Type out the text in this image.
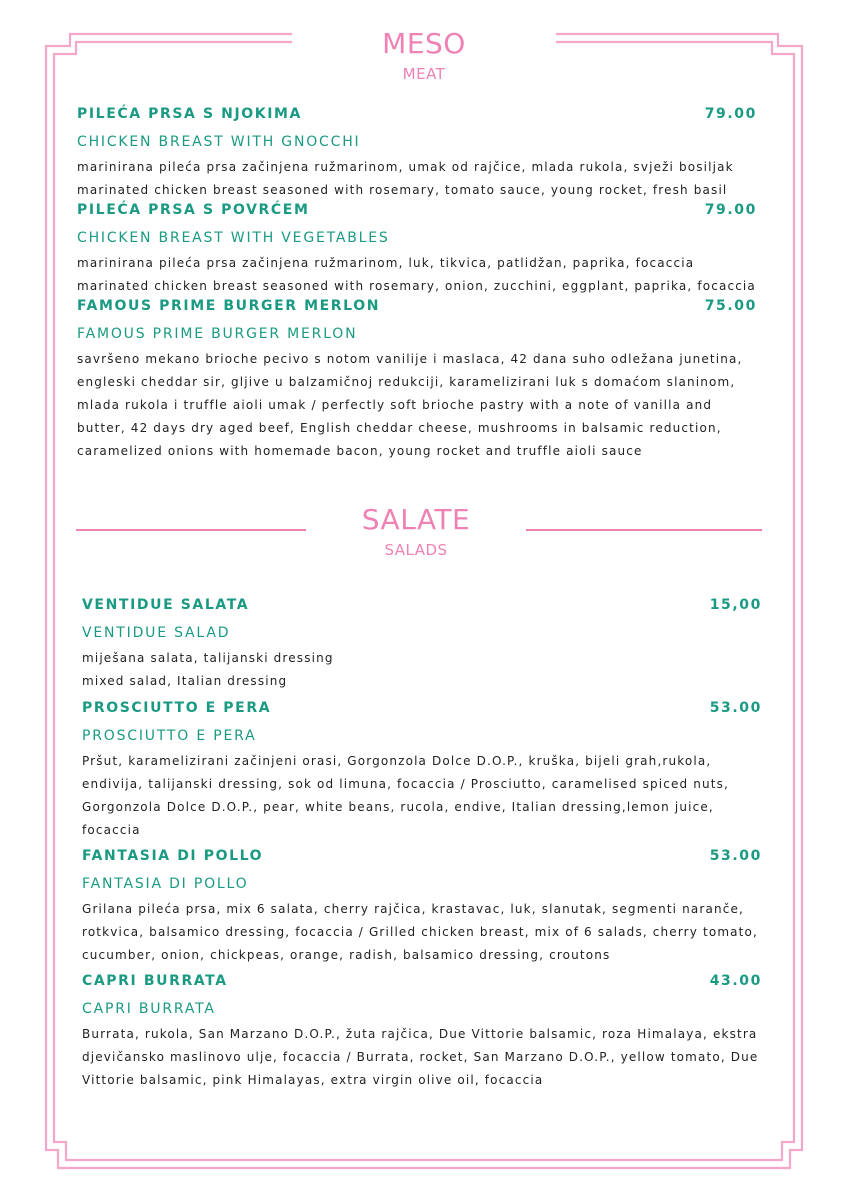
MESO
MEAT
PILEĆA PRSA S NJOKIMA	79.00
CHICKEN BREAST WITH GNOCCHI
marinirana pileća prsa začinjena ružmarinom, umak od rajčice, mlada rukola, svježi bosiljak marinated chicken breast seasoned with rosemary, tomato sauce, young rocket, fresh basil
PILEĆA PRSA S POVRĆEM	79.00
CHICKEN BREAST WITH VEGETABLES
marinirana pileća prsa začinjena ružmarinom, luk, tikvica, patlidžan, paprika, focaccia marinated chicken breast seasoned with rosemary, onion, zucchini, eggplant, paprika, focaccia
FAMOUS PRIME BURGER MERLON	75.00
FAMOUS PRIME BURGER MERLON
savršeno mekano brioche pecivo s notom vanilije i maslaca, 42 dana suho odležana junetina, engleski cheddar sir, gljive u balzamičnoj redukciji, karamelizirani luk s domaćom slaninom, mlada rukola i truffle aioli umak / perfectly soft brioche pastry with a note of vanilla and butter, 42 days dry aged beef, English cheddar cheese, mushrooms in balsamic reduction, caramelized onions with homemade bacon, young rocket and truffle aioli sauce
SALATE
SALADS
VENTIDUE SALATA	15,00
VENTIDUE SALAD
miješana salata, talijanski dressing mixed salad, Italian dressing
PROSCIUTTO E PERA	53.00
PROSCIUTTO E PERA
Pršut, karamelizirani začinjeni orasi, Gorgonzola Dolce D.O.P., kruška, bijeli grah,rukola, endivija, talijanski dressing, sok od limuna, focaccia / Prosciutto, caramelised spiced nuts, Gorgonzola Dolce D.O.P., pear, white beans, rucola, endive, Italian dressing,lemon juice, focaccia
FANTASIA DI POLLO	53.00
FANTASIA DI POLLO
Grilana pileća prsa, mix 6 salata, cherry rajčica, krastavac, luk, slanutak, segmenti naranče, rotkvica, balsamico dressing, focaccia / Grilled chicken breast, mix of 6 salads, cherry tomato, cucumber, onion, chickpeas, orange, radish, balsamico dressing, croutons
CAPRI BURRATA	43.00
CAPRI BURRATA
Burrata, rukola, San Marzano D.O.P., žuta rajčica, Due Vittorie balsamic, roza Himalaya, ekstra djevičansko maslinovo ulje, focaccia / Burrata, rocket, San Marzano D.O.P., yellow tomato, Due Vittorie balsamic, pink Himalayas, extra virgin olive oil, focaccia
